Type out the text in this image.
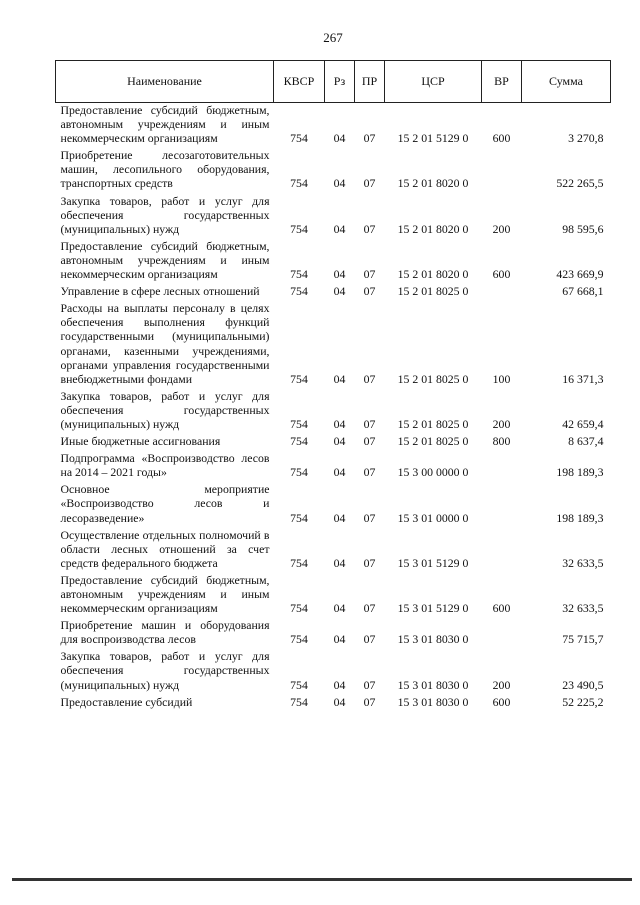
267
Наименование	КВСР	Рз	ПР	ЦСР	ВР	Сумма
Предоставление субсидий бюджетным, автономным учреждениям и иным некоммерческим организациям	754	04	07	15 2 01 5129 0	600	3 270,8
Приобретение лесозаготовительных машин, лесопильного оборудования, транспортных средств	754	04	07	15 2 01 8020 0		522 265,5
Закупка товаров, работ и услуг для обеспечения государственных (муниципальных) нужд	754	04	07	15 2 01 8020 0	200	98 595,6
Предоставление субсидий бюджетным, автономным учреждениям и иным некоммерческим организациям	754	04	07	15 2 01 8020 0	600	423 669,9
Управление в сфере лесных отношений	754	04	07	15 2 01 8025 0		67 668,1
Расходы на выплаты персоналу в целях обеспечения выполнения функций государственными (муниципальными) органами, казенными учреждениями, органами управления государственными внебюджетными фондами	754	04	07	15 2 01 8025 0	100	16 371,3
Закупка товаров, работ и услуг для обеспечения государственных (муниципальных) нужд	754	04	07	15 2 01 8025 0	200	42 659,4
Иные бюджетные ассигнования	754	04	07	15 2 01 8025 0	800	8 637,4
Подпрограмма «Воспроизводство лесов на 2014 – 2021 годы»	754	04	07	15 3 00 0000 0		198 189,3
Основное мероприятие «Воспроизводство лесов и лесоразведение»	754	04	07	15 3 01 0000 0		198 189,3
Осуществление отдельных полномочий в области лесных отношений за счет средств федерального бюджета	754	04	07	15 3 01 5129 0		32 633,5
Предоставление субсидий бюджетным, автономным учреждениям и иным некоммерческим организациям	754	04	07	15 3 01 5129 0	600	32 633,5
Приобретение машин и оборудования для воспроизводства лесов	754	04	07	15 3 01 8030 0		75 715,7
Закупка товаров, работ и услуг для обеспечения государственных (муниципальных) нужд	754	04	07	15 3 01 8030 0	200	23 490,5
Предоставление субсидий	754	04	07	15 3 01 8030 0	600	52 225,2
